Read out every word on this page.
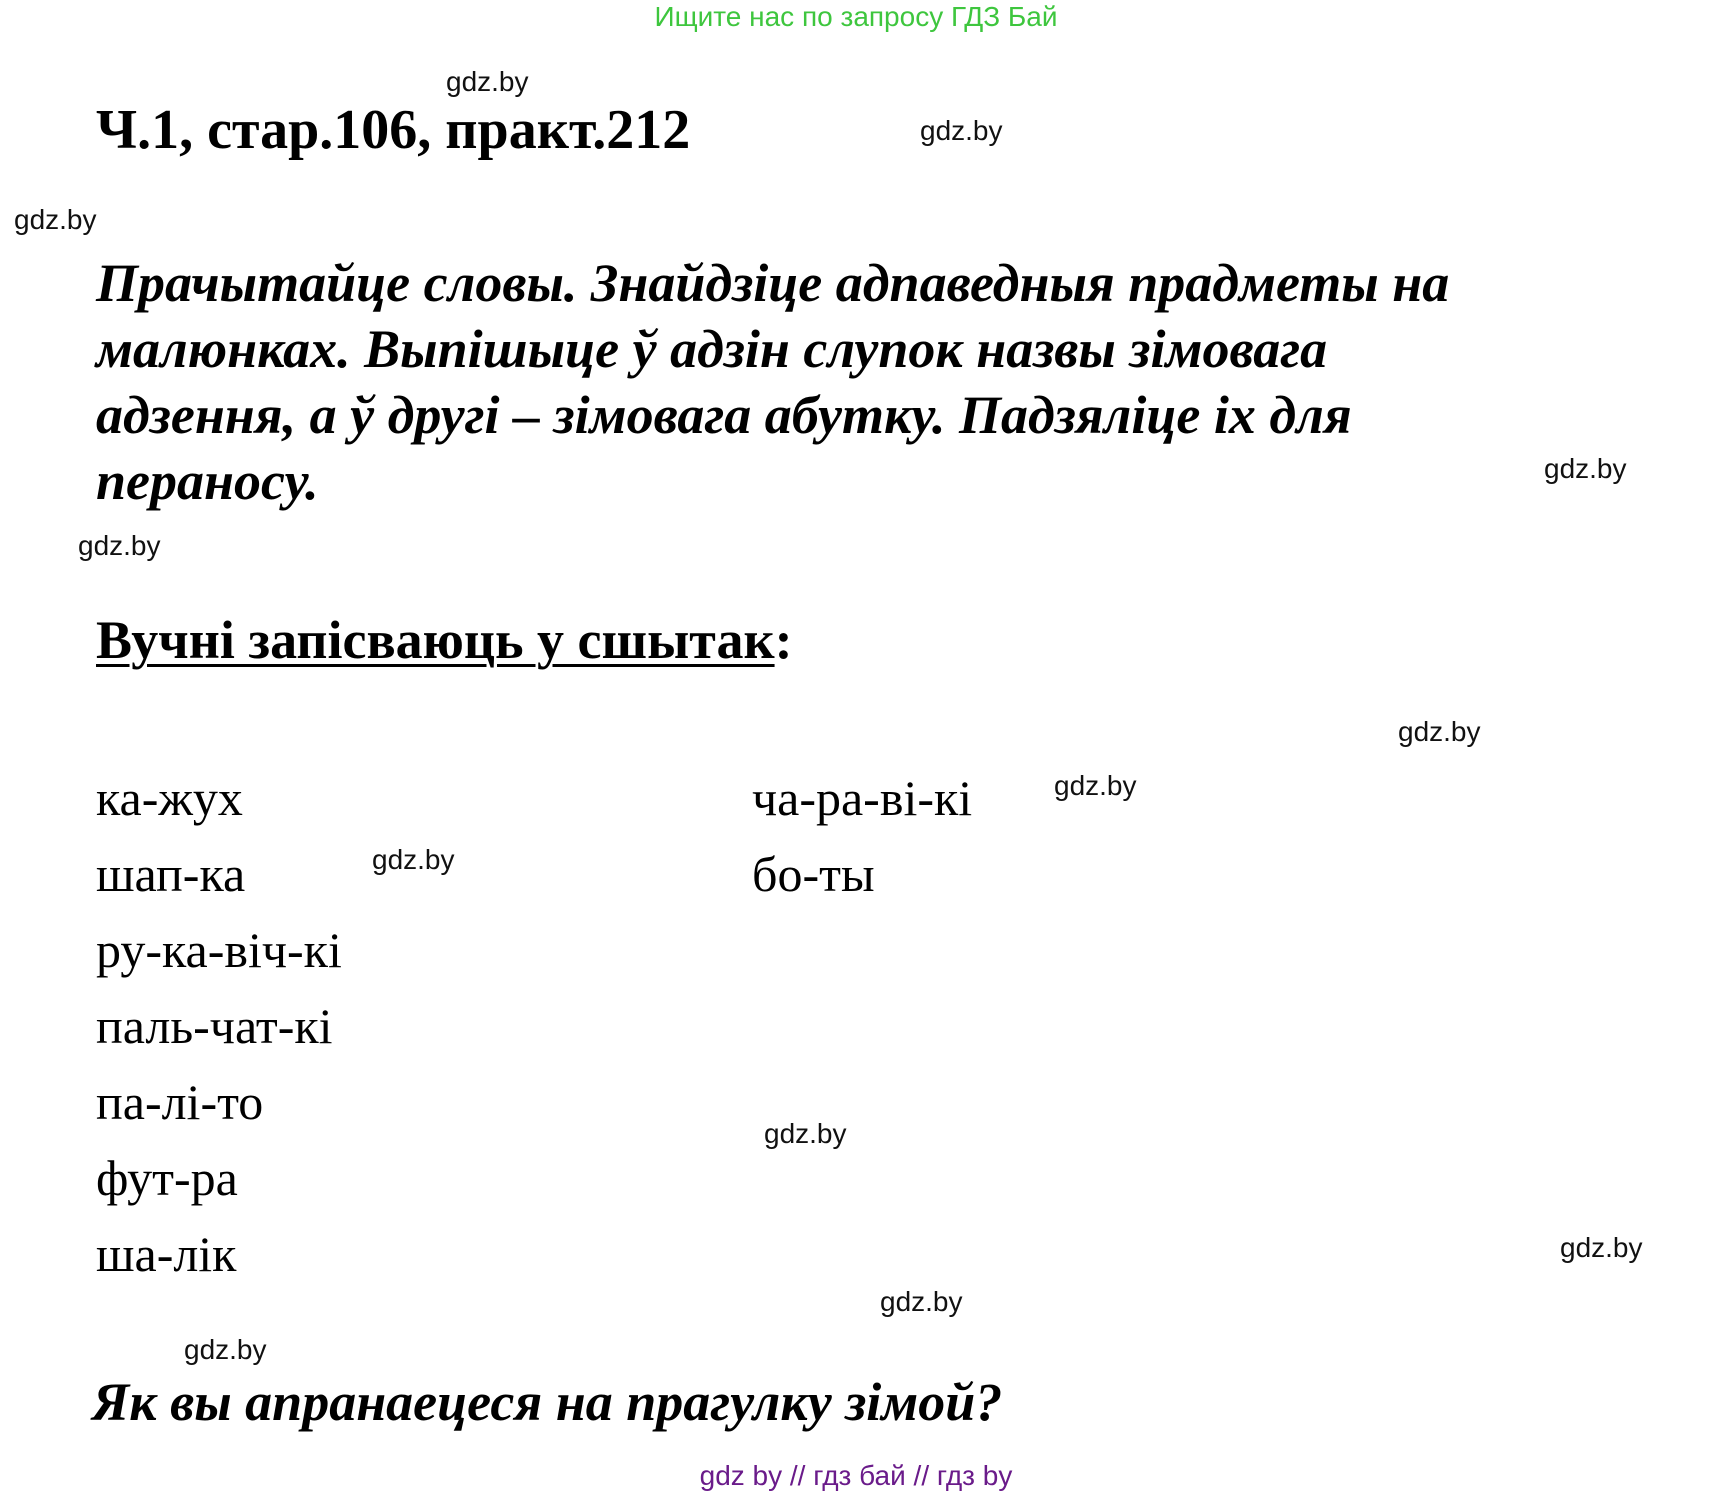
Ищите нас по запросу ГДЗ Бай
Ч.1, стар.106, практ.212
Прачытайце словы. Знайдзіце адпаведныя прадметы на
малюнках. Выпішыце ў адзін слупок назвы зімовага
адзення, а ў другі – зімовага абутку. Падзяліце іх для
пераносу.
Вучні запісваюць у сшытак:
ка-жух
шап-ка
ру-ка-віч-кі
паль-чат-кі
па-лі-то
фут-ра
ша-лік
ча-ра-ві-кі
бо-ты
Як вы апранаецеся на прагулку зімой?
gdz by // гдз бай // гдз by
gdz.by
gdz.by
gdz.by
gdz.by
gdz.by
gdz.by
gdz.by
gdz.by
gdz.by
gdz.by
gdz.by
gdz.by
